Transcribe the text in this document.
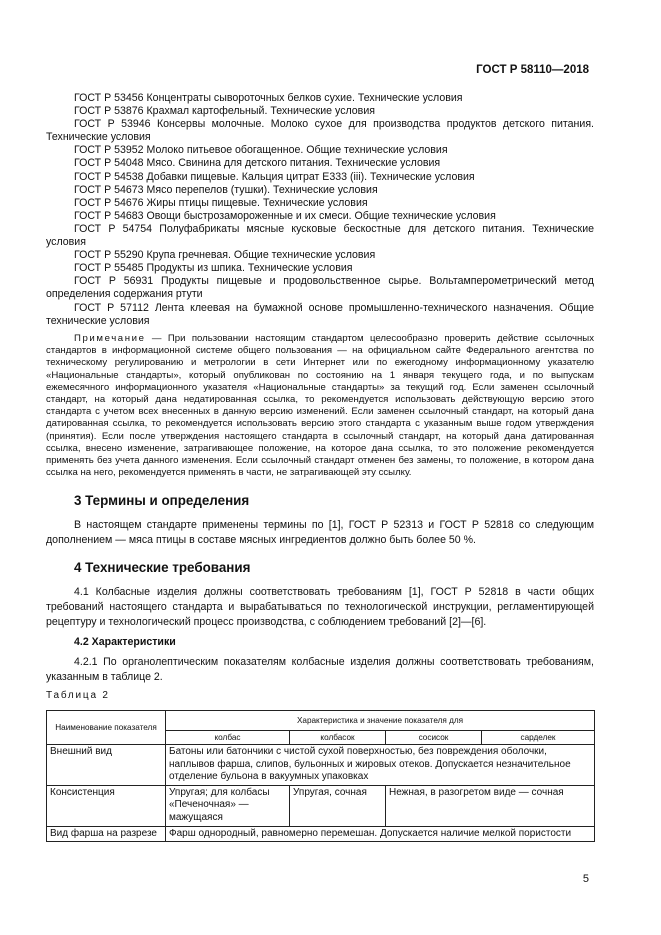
ГОСТ Р 58110—2018

ГОСТ Р 53456 Концентраты сывороточных белков сухие. Технические условия

ГОСТ Р 53876 Крахмал картофельный. Технические условия

ГОСТ Р 53946 Консервы молочные. Молоко сухое для производства продуктов детского питания. Технические условия

ГОСТ Р 53952 Молоко питьевое обогащенное. Общие технические условия

ГОСТ Р 54048 Мясо. Свинина для детского питания. Технические условия

ГОСТ Р 54538 Добавки пищевые. Кальция цитрат Е333 (iii). Технические условия

ГОСТ Р 54673 Мясо перепелов (тушки). Технические условия

ГОСТ Р 54676 Жиры птицы пищевые. Технические условия

ГОСТ Р 54683 Овощи быстрозамороженные и их смеси. Общие технические условия

ГОСТ Р 54754 Полуфабрикаты мясные кусковые бескостные для детского питания. Технические условия

ГОСТ Р 55290 Крупа гречневая. Общие технические условия

ГОСТ Р 55485 Продукты из шпика. Технические условия

ГОСТ Р 56931 Продукты пищевые и продовольственное сырье. Вольтамперометрический метод определения содержания ртути

ГОСТ Р 57112 Лента клеевая на бумажной основе промышленно-технического назначения. Общие технические условия

Примечание — При пользовании настоящим стандартом целесообразно проверить действие ссылочных стандартов в информационной системе общего пользования — на официальном сайте Федерального агентства по техническому регулированию и метрологии в сети Интернет или по ежегодному информационному указателю «Национальные стандарты», который опубликован по состоянию на 1 января текущего года, и по выпускам ежемесячного информационного указателя «Национальные стандарты» за текущий год. Если заменен ссылочный стандарт, на который дана недатированная ссылка, то рекомендуется использовать действующую версию этого стандарта с учетом всех внесенных в данную версию изменений. Если заменен ссылочный стандарт, на который дана датированная ссылка, то рекомендуется использовать версию этого стандарта с указанным выше годом утверждения (принятия). Если после утверждения настоящего стандарта в ссылочный стандарт, на который дана датированная ссылка, внесено изменение, затрагивающее положение, на которое дана ссылка, то это положение рекомендуется применять без учета данного изменения. Если ссылочный стандарт отменен без замены, то положение, в котором дана ссылка на него, рекомендуется применять в части, не затрагивающей эту ссылку.

3 Термины и определения

В настоящем стандарте применены термины по [1], ГОСТ Р 52313 и ГОСТ Р 52818 со следующим дополнением — мяса птицы в составе мясных ингредиентов должно быть более 50 %.

4 Технические требования

4.1 Колбасные изделия должны соответствовать требованиям [1], ГОСТ Р 52818 в части общих требований настоящего стандарта и вырабатываться по технологической инструкции, регламентирующей рецептуру и технологический процесс производства, с соблюдением требований [2]—[6].

4.2 Характеристики

4.2.1 По органолептическим показателям колбасные изделия должны соответствовать требованиям, указанным в таблице 2.

Таблица 2
Наименование показателя	Характеристика и значение показателя для			
	колбас	колбасок	сосисок	сарделек
Внешний вид	Батоны или батончики с чистой сухой поверхностью, без повреждения оболочки, наплывов фарша, слипов, бульонных и жировых отеков. Допускается незначительное отделение бульона в вакуумных упаковках			
Консистенция	Упругая; для колбасы «Печеночная» — мажущаяся	Упругая, сочная	Нежная, в разогретом виде — сочная	
Вид фарша на разрезе	Фарш однородный, равномерно перемешан. Допускается наличие мелкой пористости			
5
